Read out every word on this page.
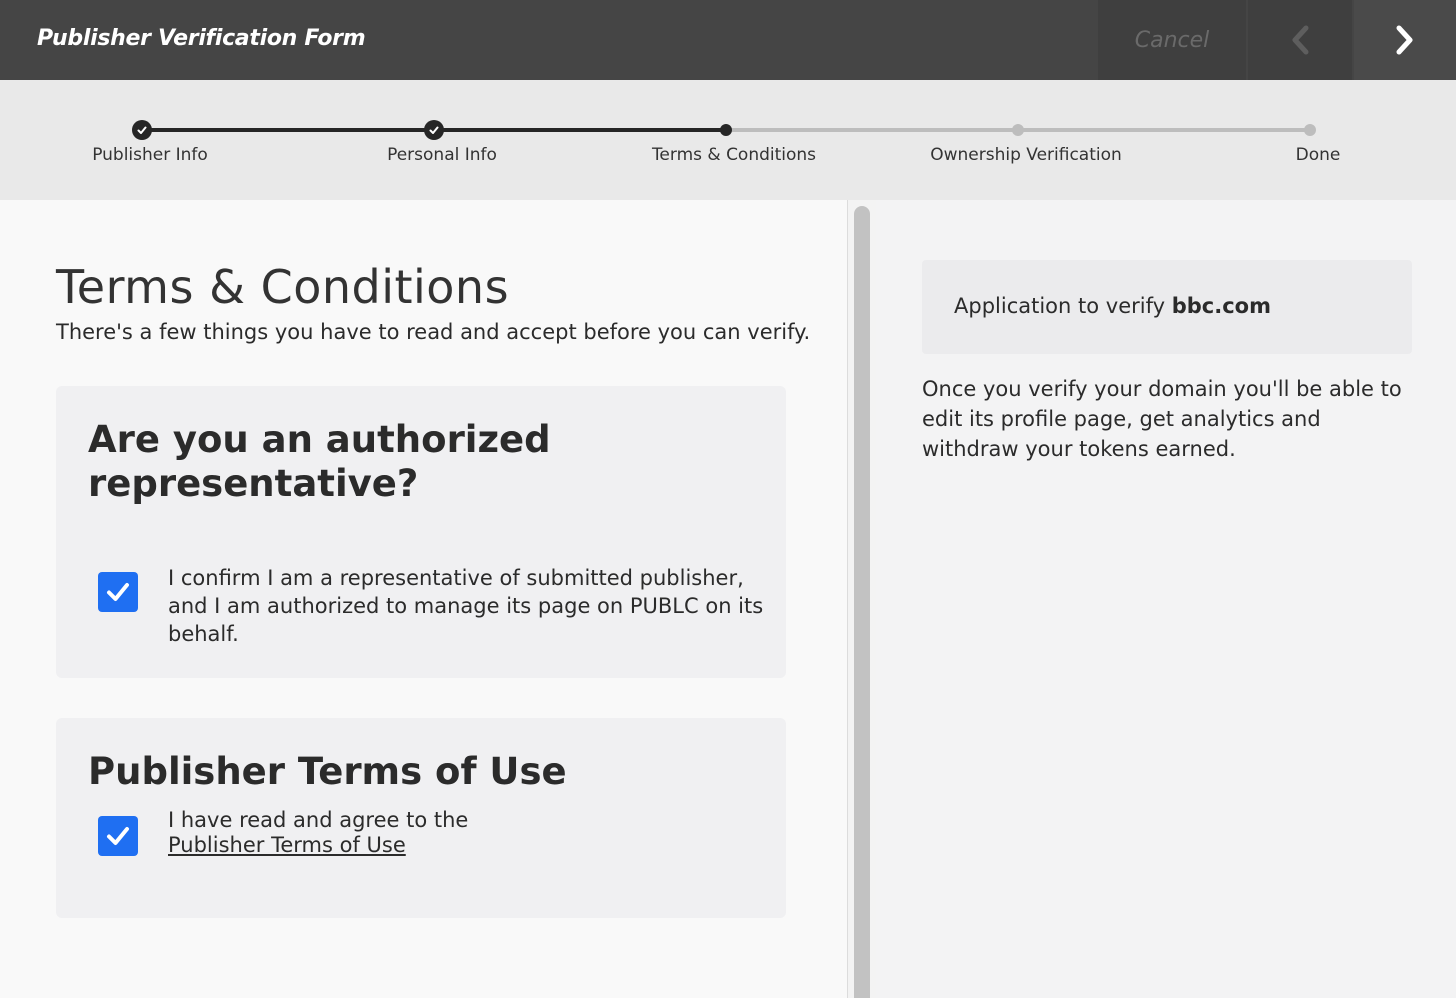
Publisher Verification Form	Cancel
Publisher Info	Personal Info	Terms & Conditions	Ownership Verification	Done
Terms & Conditions

There's a few things you have to read and accept before you can verify.

Are you an authorized representative?

I confirm I am a representative of submitted publisher, and I am authorized to manage its page on PUBLC on its behalf.

Publisher Terms of Use
I have read and agree to the
Publisher Terms of Use
Application to verify bbc.com

Once you verify your domain you'll be able to edit its profile page, get analytics and withdraw your tokens earned.
